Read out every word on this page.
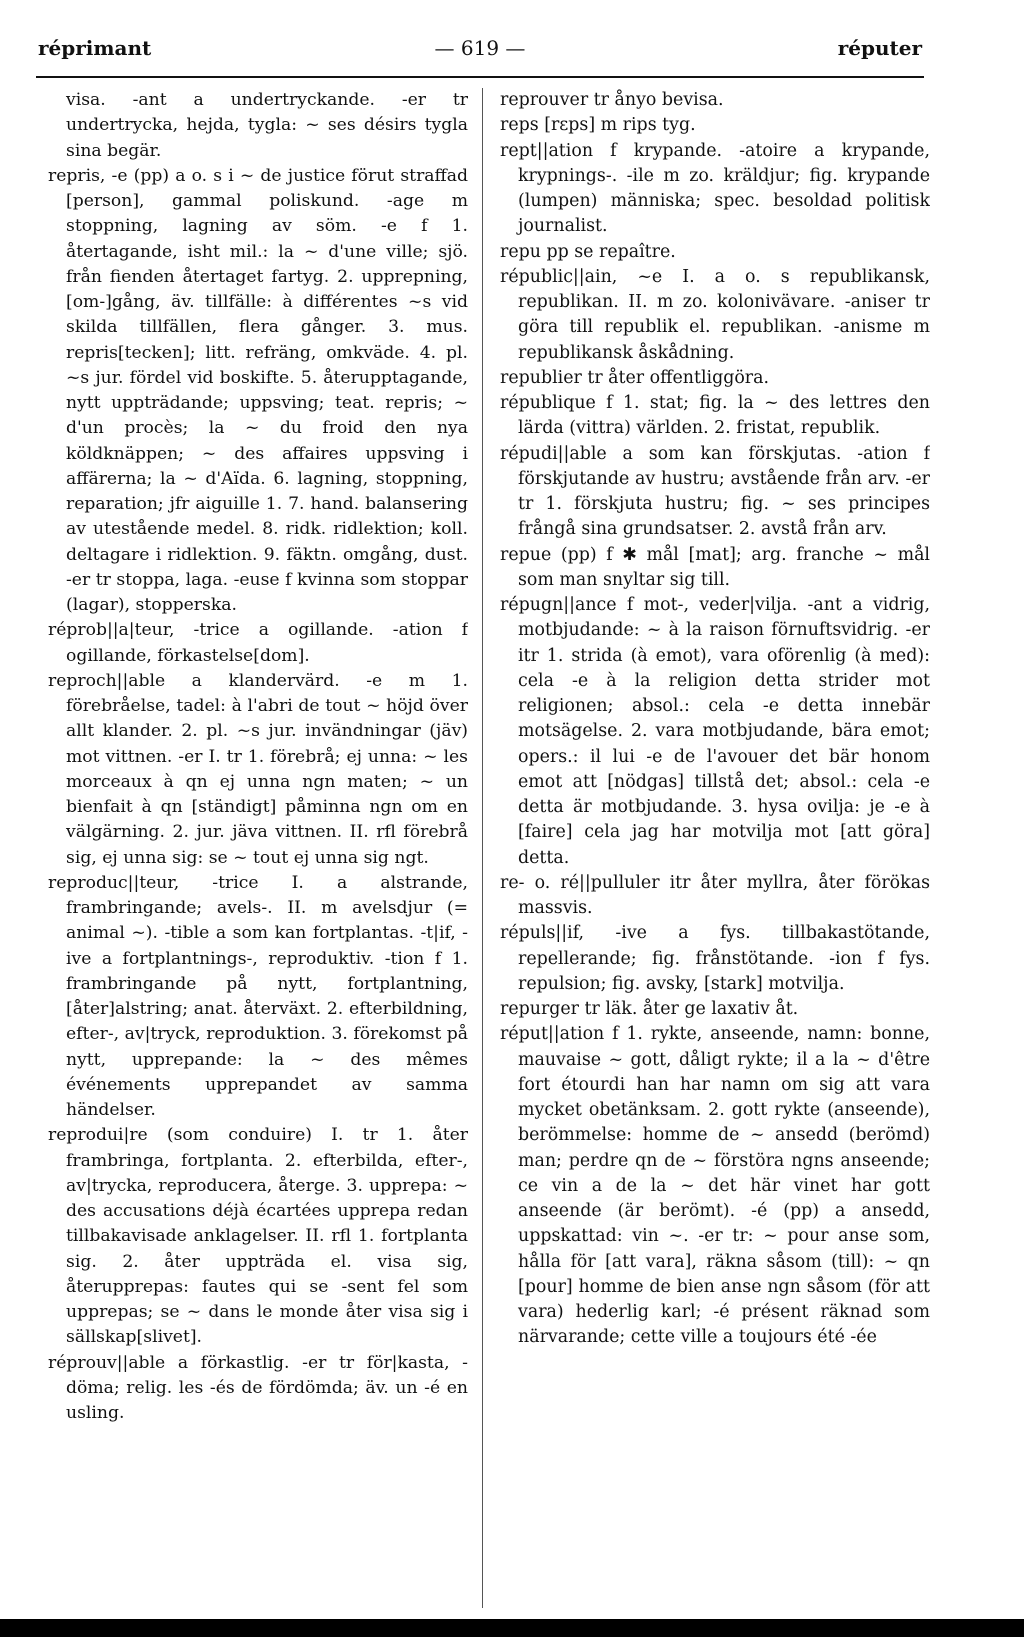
réprimant	— 619 —	réputer

visa. -ant a undertryckande. -er tr undertrycka, hejda, tygla: ~ ses désirs tygla sina begär.

repris, -e (pp) a o. s i ~ de justice förut straffad [person], gammal poliskund. -age m stoppning, lagning av söm. -e f 1. återtagande, isht mil.: la ~ d'une ville; sjö. från fienden återtaget fartyg. 2. upprepning, [om-]gång, äv. tillfälle: à différentes ~s vid skilda tillfällen, flera gånger. 3. mus. repris[tecken]; litt. refräng, omkväde. 4. pl. ~s jur. fördel vid boskifte. 5. återupptagande, nytt uppträdande; uppsving; teat. repris; ~ d'un procès; la ~ du froid den nya köldknäppen; ~ des affaires uppsving i affärerna; la ~ d'Aïda. 6. lagning, stoppning, reparation; jfr aiguille 1. 7. hand. balansering av utestående medel. 8. ridk. ridlektion; koll. deltagare i ridlektion. 9. fäktn. omgång, dust. -er tr stoppa, laga. -euse f kvinna som stoppar (lagar), stopperska.

réprob||a|teur, -trice a ogillande. -ation f ogillande, förkastelse[dom].

reproch||able a klandervärd. -e m 1. förebråelse, tadel: à l'abri de tout ~ höjd över allt klander. 2. pl. ~s jur. invändningar (jäv) mot vittnen. -er I. tr 1. förebrå; ej unna: ~ les morceaux à qn ej unna ngn maten; ~ un bienfait à qn [ständigt] påminna ngn om en välgärning. 2. jur. jäva vittnen. II. rfl förebrå sig, ej unna sig: se ~ tout ej unna sig ngt.

reproduc||teur, -trice I. a alstrande, frambringande; avels-. II. m avelsdjur (= animal ~). -tible a som kan fortplantas. -t|if, -ive a fortplantnings-, reproduktiv. -tion f 1. frambringande på nytt, fortplantning, [åter]alstring; anat. återväxt. 2. efterbildning, efter-, av|tryck, reproduktion. 3. förekomst på nytt, upprepande: la ~ des mêmes événements upprepandet av samma händelser.

reprodui|re (som conduire) I. tr 1. åter frambringa, fortplanta. 2. efterbilda, efter-, av|trycka, reproducera, återge. 3. upprepa: ~ des accusations déjà écartées upprepa redan tillbakavisade anklagelser. II. rfl 1. fortplanta sig. 2. åter uppträda el. visa sig, återupprepas: fautes qui se -sent fel som upprepas; se ~ dans le monde åter visa sig i sällskap[slivet].

réprouv||able a förkastlig. -er tr för|kasta, -döma; relig. les -és de fördömda; äv. un -é en usling.

reprouver tr ånyo bevisa.

reps [rɛps] m rips tyg.

rept||ation f krypande. -atoire a krypande, krypnings-. -ile m zo. kräldjur; fig. krypande (lumpen) människa; spec. besoldad politisk journalist.

repu pp se repaître.

républic||ain, ~e I. a o. s republikansk, republikan. II. m zo. kolonivävare. -aniser tr göra till republik el. republikan. -anisme m republikansk åskådning.

republier tr åter offentliggöra.

république f 1. stat; fig. la ~ des lettres den lärda (vittra) världen. 2. fristat, republik.

répudi||able a som kan förskjutas. -ation f förskjutande av hustru; avstående från arv. -er tr 1. förskjuta hustru; fig. ~ ses principes frångå sina grundsatser. 2. avstå från arv.

repue (pp) f ✱ mål [mat]; arg. franche ~ mål som man snyltar sig till.

répugn||ance f mot-, veder|vilja. -ant a vidrig, motbjudande: ~ à la raison förnuftsvidrig. -er itr 1. strida (à emot), vara oförenlig (à med): cela -e à la religion detta strider mot religionen; absol.: cela -e detta innebär motsägelse. 2. vara motbjudande, bära emot; opers.: il lui -e de l'avouer det bär honom emot att [nödgas] tillstå det; absol.: cela -e detta är motbjudande. 3. hysa ovilja: je -e à [faire] cela jag har motvilja mot [att göra] detta.

re- o. ré||pulluler itr åter myllra, åter förökas massvis.

répuls||if, -ive a fys. tillbakastötande, repellerande; fig. frånstötande. -ion f fys. repulsion; fig. avsky, [stark] motvilja.

repurger tr läk. åter ge laxativ åt.

réput||ation f 1. rykte, anseende, namn: bonne, mauvaise ~ gott, dåligt rykte; il a la ~ d'être fort étourdi han har namn om sig att vara mycket obetänksam. 2. gott rykte (anseende), berömmelse: homme de ~ ansedd (berömd) man; perdre qn de ~ förstöra ngns anseende; ce vin a de la ~ det här vinet har gott anseende (är berömt). -é (pp) a ansedd, uppskattad: vin ~. -er tr: ~ pour anse som, hålla för [att vara], räkna såsom (till): ~ qn [pour] homme de bien anse ngn såsom (för att vara) hederlig karl; -é présent räknad som närvarande; cette ville a toujours été -ée
